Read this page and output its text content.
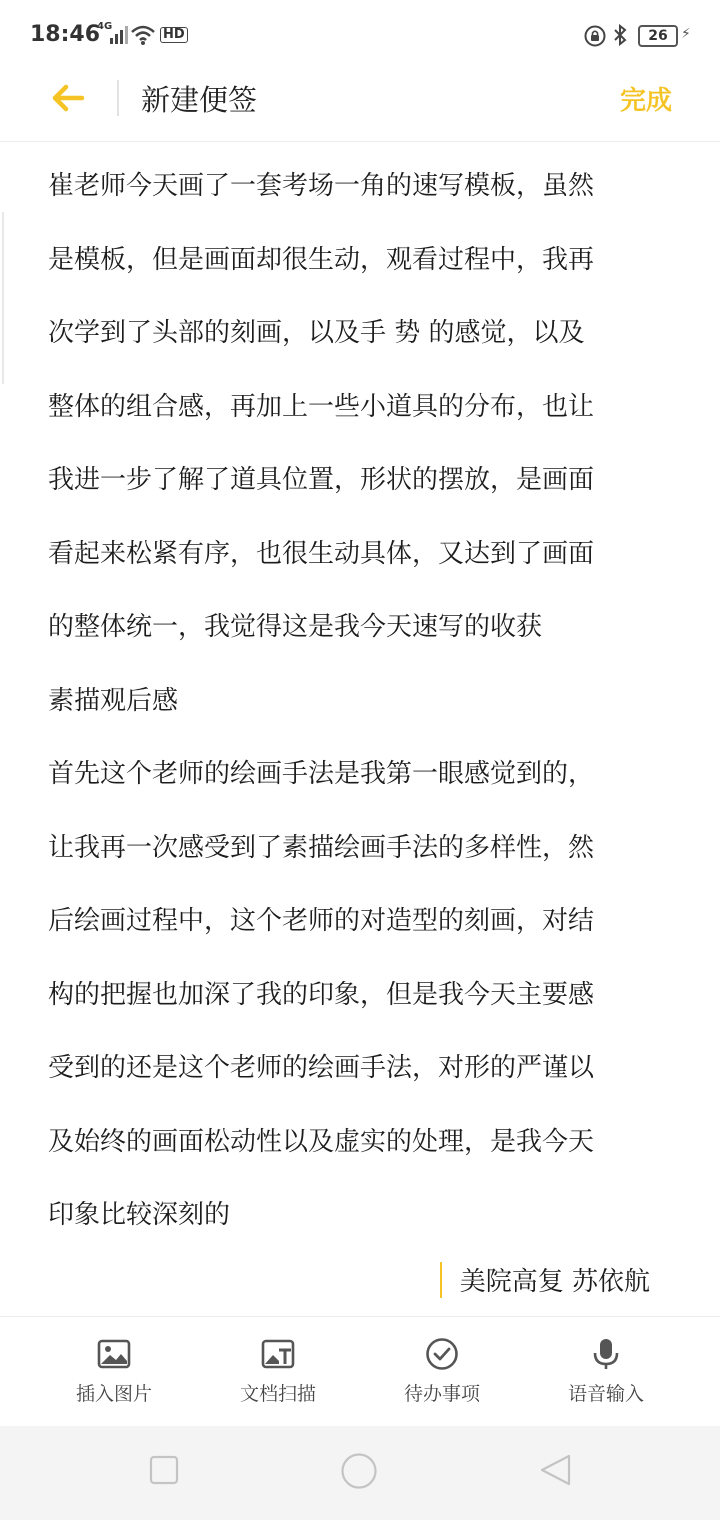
18:46
4G
HD	26 ⚡
新建便签	完成
崔老师今天画了一套考场一角的速写模板，虽然
是模板，但是画面却很生动，观看过程中，我再
次学到了头部的刻画，以及手 势 的感觉，以及
整体的组合感，再加上一些小道具的分布，也让
我进一步了解了道具位置，形状的摆放，是画面
看起来松紧有序，也很生动具体，又达到了画面
的整体统一，我觉得这是我今天速写的收获
素描观后感
首先这个老师的绘画手法是我第一眼感觉到的，
让我再一次感受到了素描绘画手法的多样性，然
后绘画过程中，这个老师的对造型的刻画，对结
构的把握也加深了我的印象，但是我今天主要感
受到的还是这个老师的绘画手法，对形的严谨以
及始终的画面松动性以及虚实的处理，是我今天
印象比较深刻的
美院高复 苏依航
插入图片	文档扫描	待办事项	语音输入
